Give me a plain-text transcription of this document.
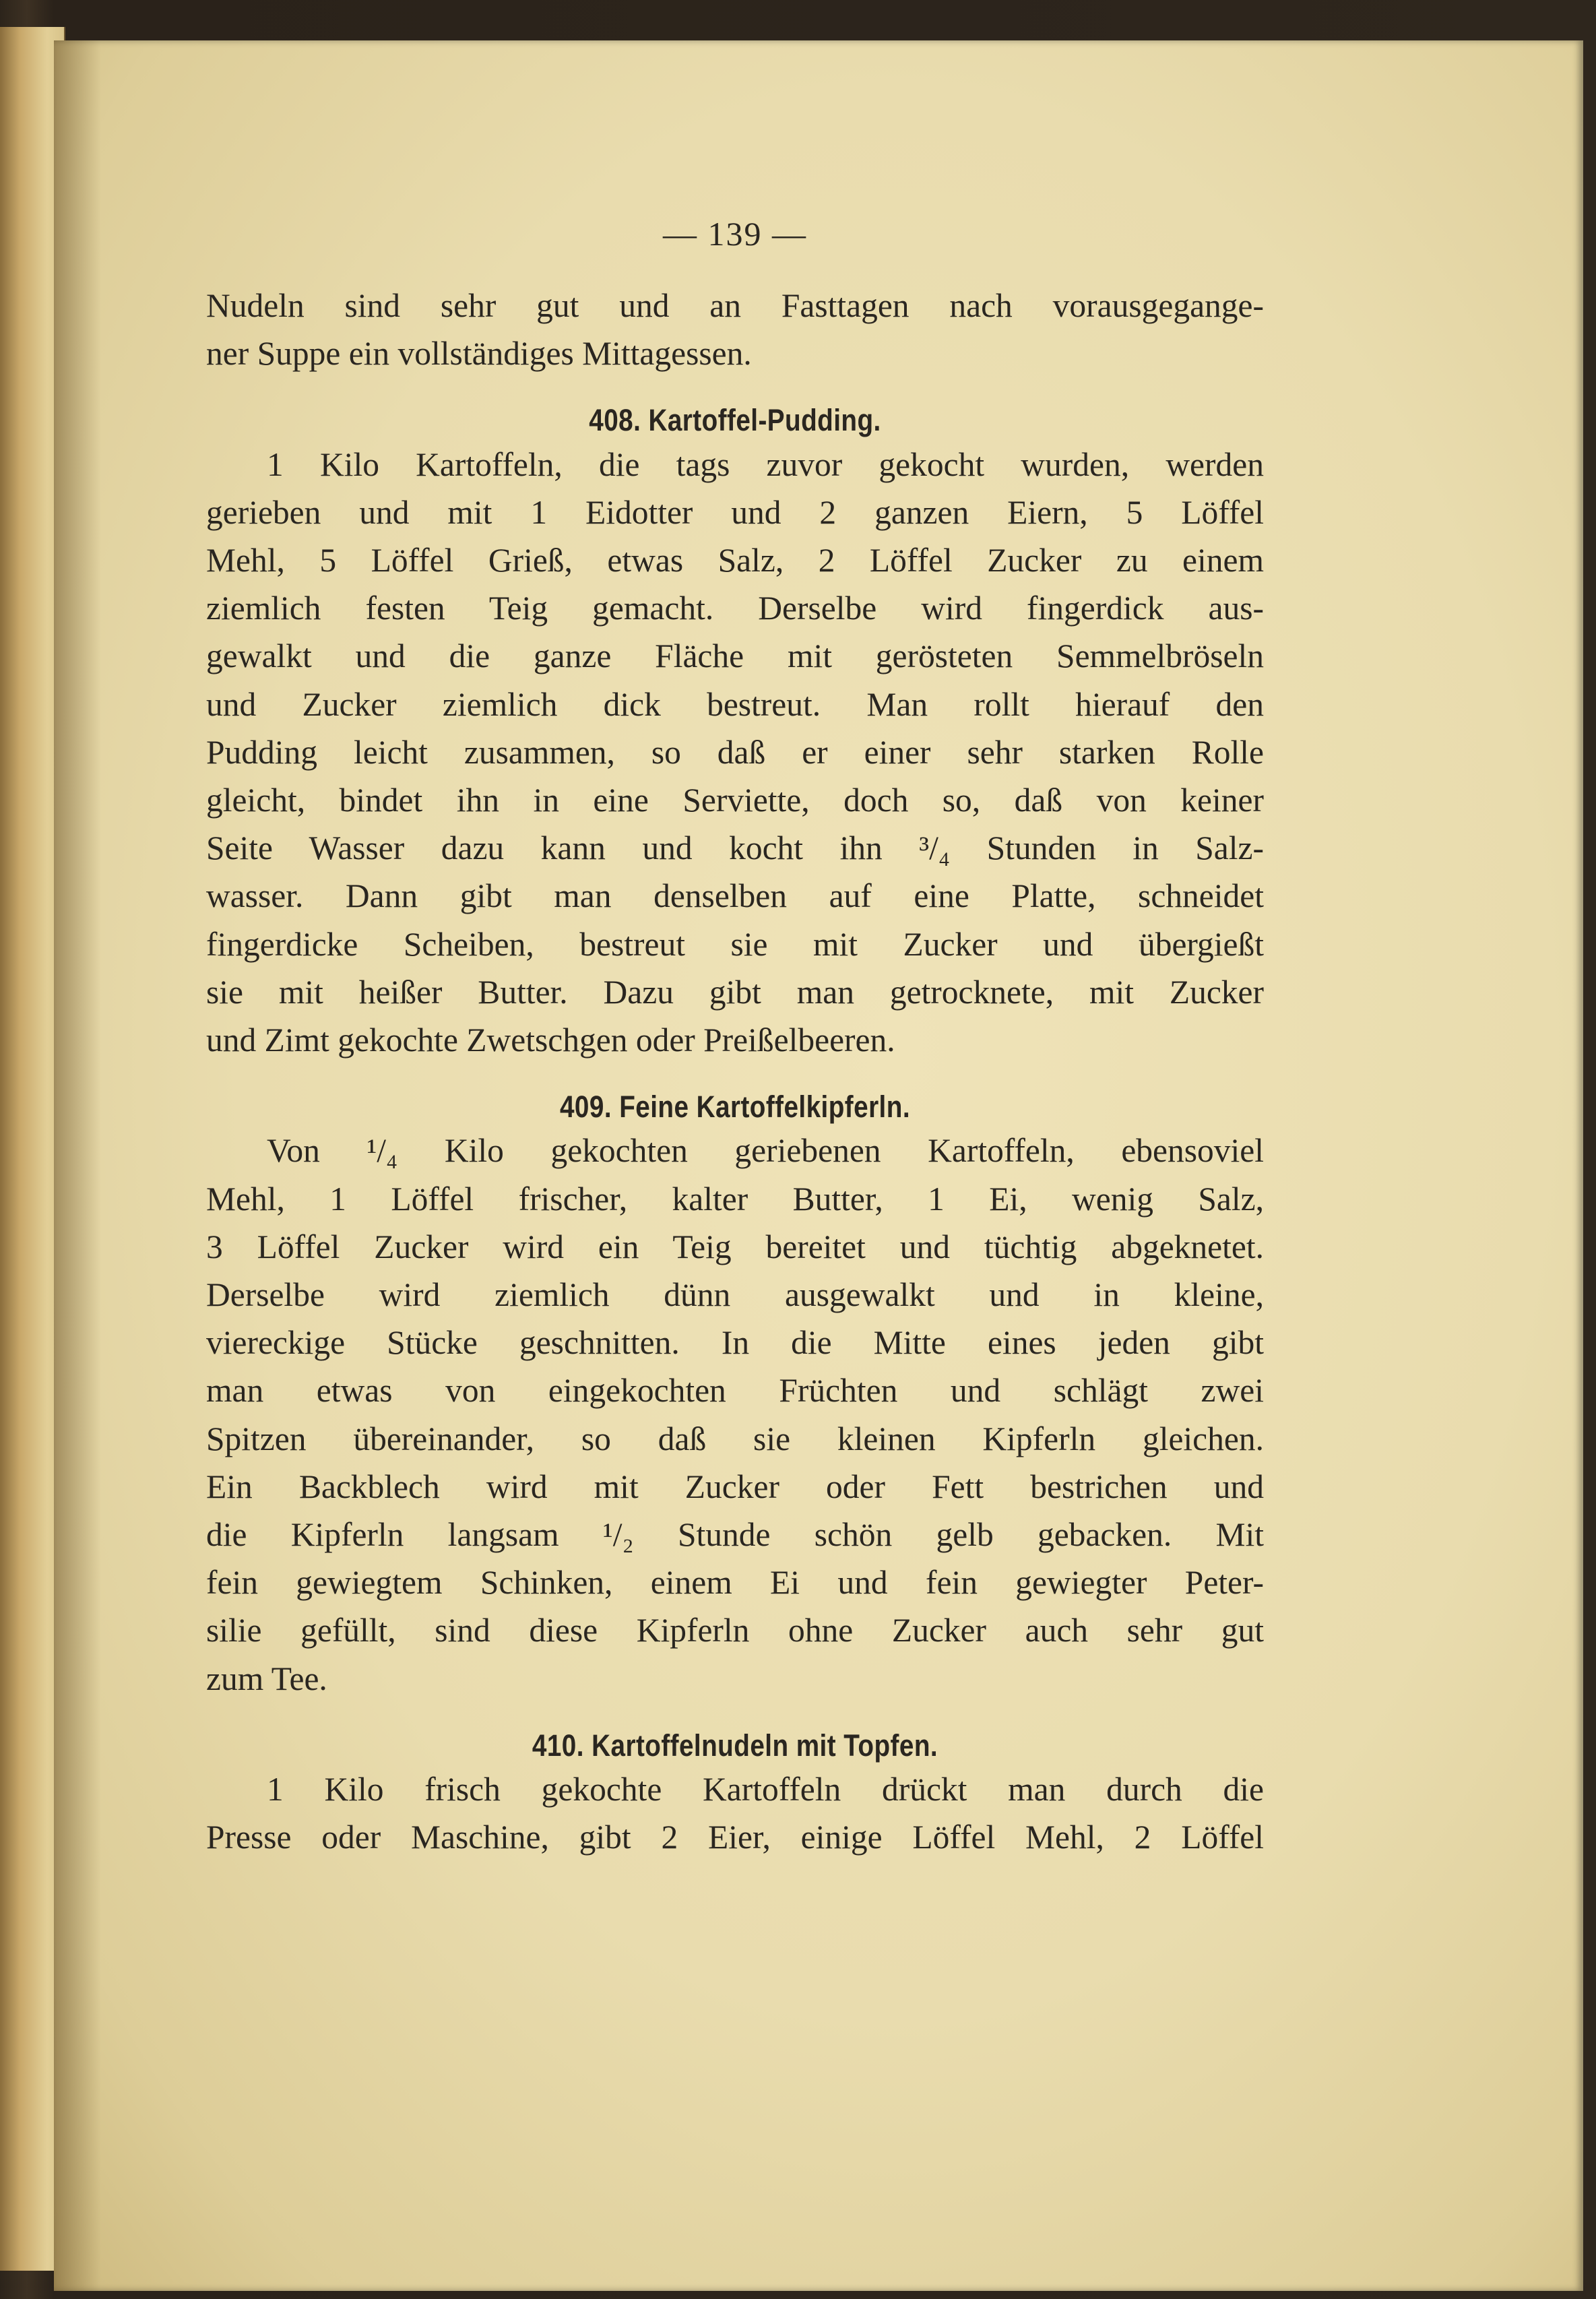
— 139 —
Nudeln sind sehr gut und an Fasttagen nach vorausgegange-
ner Suppe ein vollständiges Mittagessen.
408. Kartoffel-Pudding.
1 Kilo Kartoffeln, die tags zuvor gekocht wurden, werden
gerieben und mit 1 Eidotter und 2 ganzen Eiern, 5 Löffel
Mehl, 5 Löffel Grieß, etwas Salz, 2 Löffel Zucker zu einem
ziemlich festen Teig gemacht. Derselbe wird fingerdick aus-
gewalkt und die ganze Fläche mit gerösteten Semmelbröseln
und Zucker ziemlich dick bestreut. Man rollt hierauf den
Pudding leicht zusammen, so daß er einer sehr starken Rolle
gleicht, bindet ihn in eine Serviette, doch so, daß von keiner
Seite Wasser dazu kann und kocht ihn ³/₄ Stunden in Salz-
wasser. Dann gibt man denselben auf eine Platte, schneidet
fingerdicke Scheiben, bestreut sie mit Zucker und übergießt
sie mit heißer Butter. Dazu gibt man getrocknete, mit Zucker
und Zimt gekochte Zwetschgen oder Preißelbeeren.
409. Feine Kartoffelkipferln.
Von ¹/₄ Kilo gekochten geriebenen Kartoffeln, ebensoviel
Mehl, 1 Löffel frischer, kalter Butter, 1 Ei, wenig Salz,
3 Löffel Zucker wird ein Teig bereitet und tüchtig abgeknetet.
Derselbe wird ziemlich dünn ausgewalkt und in kleine,
viereckige Stücke geschnitten. In die Mitte eines jeden gibt
man etwas von eingekochten Früchten und schlägt zwei
Spitzen übereinander, so daß sie kleinen Kipferln gleichen.
Ein Backblech wird mit Zucker oder Fett bestrichen und
die Kipferln langsam ¹/₂ Stunde schön gelb gebacken. Mit
fein gewiegtem Schinken, einem Ei und fein gewiegter Peter-
silie gefüllt, sind diese Kipferln ohne Zucker auch sehr gut
zum Tee.
410. Kartoffelnudeln mit Topfen.
1 Kilo frisch gekochte Kartoffeln drückt man durch die
Presse oder Maschine, gibt 2 Eier, einige Löffel Mehl, 2 Löffel
